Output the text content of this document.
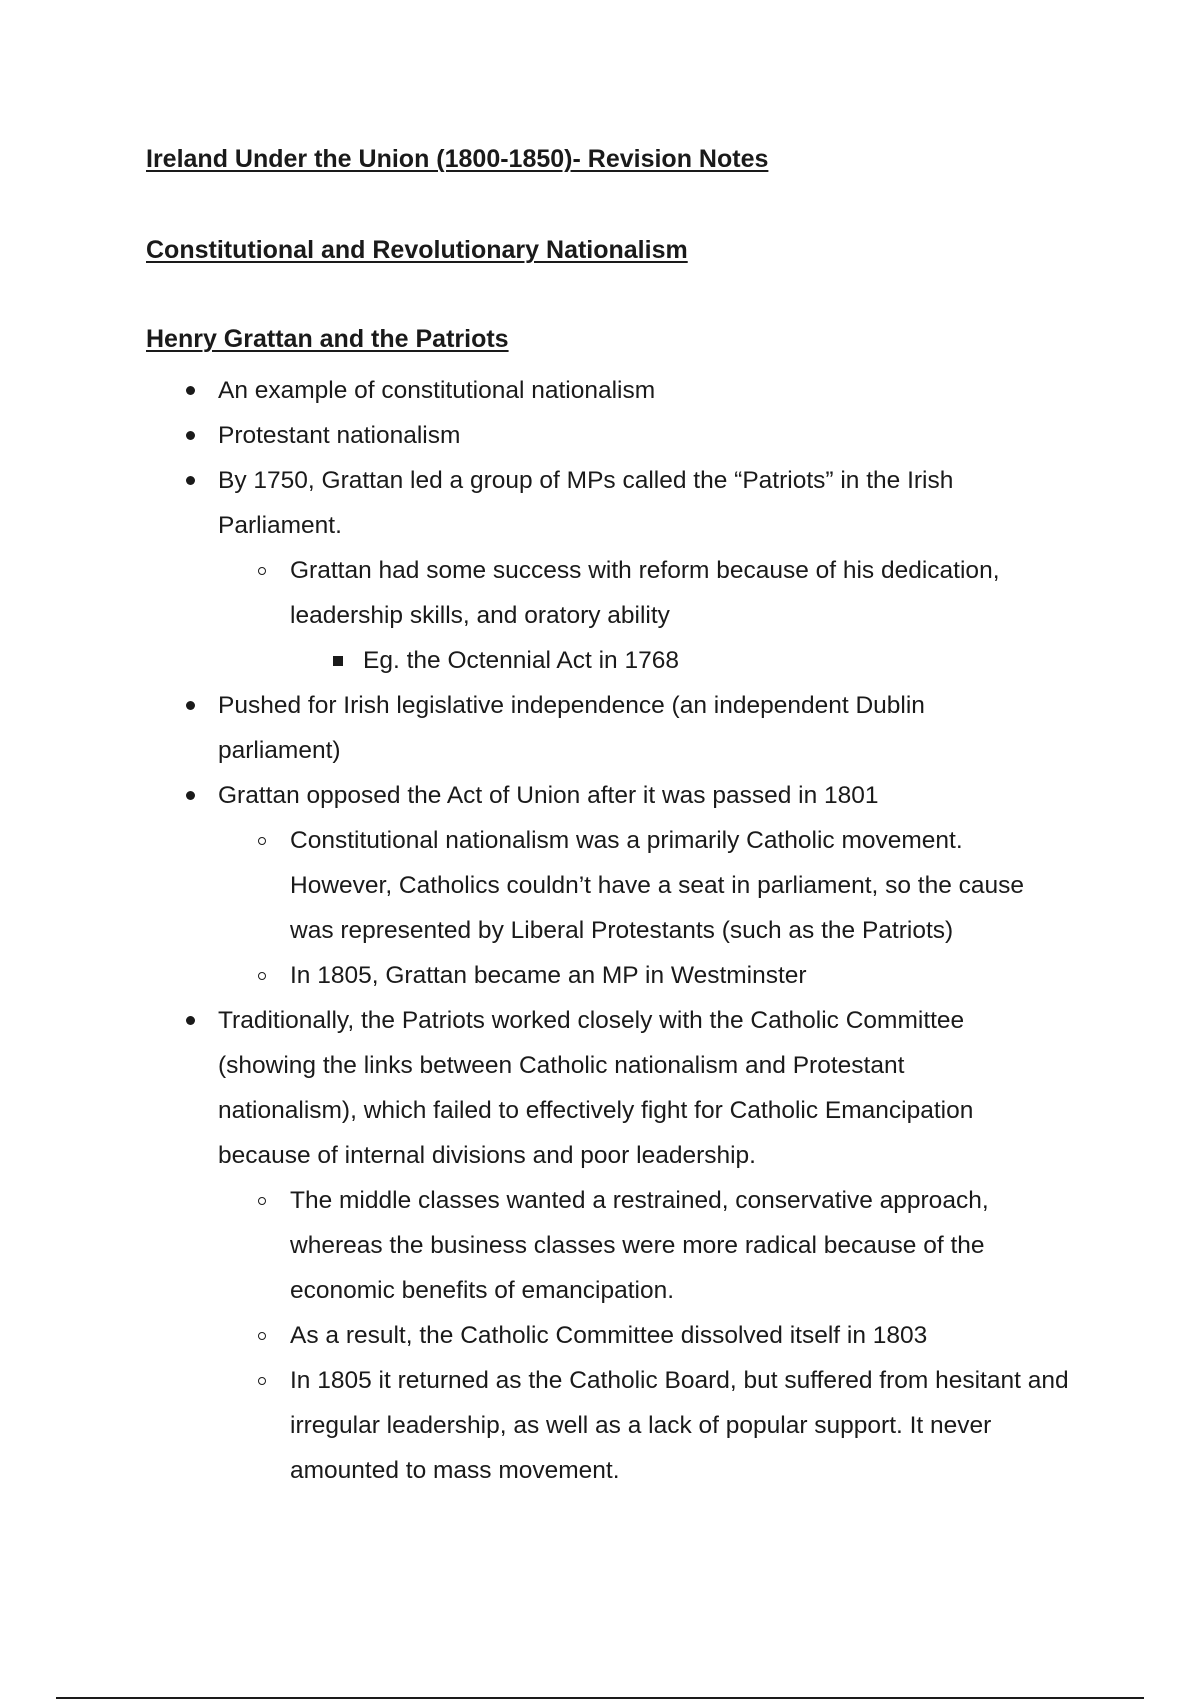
Ireland Under the Union (1800-1850)- Revision Notes
Constitutional and Revolutionary Nationalism
Henry Grattan and the Patriots
An example of constitutional nationalism
Protestant nationalism
By 1750, Grattan led a group of MPs called the “Patriots” in the Irish Parliament.
Grattan had some success with reform because of his dedication, leadership skills, and oratory ability
Eg. the Octennial Act in 1768
Pushed for Irish legislative independence (an independent Dublin parliament)
Grattan opposed the Act of Union after it was passed in 1801
Constitutional nationalism was a primarily Catholic movement. However, Catholics couldn’t have a seat in parliament, so the cause was represented by Liberal Protestants (such as the Patriots)
In 1805, Grattan became an MP in Westminster
Traditionally, the Patriots worked closely with the Catholic Committee (showing the links between Catholic nationalism and Protestant nationalism), which failed to effectively fight for Catholic Emancipation because of internal divisions and poor leadership.
The middle classes wanted a restrained, conservative approach, whereas the business classes were more radical because of the economic benefits of emancipation.
As a result, the Catholic Committee dissolved itself in 1803
In 1805 it returned as the Catholic Board, but suffered from hesitant and irregular leadership, as well as a lack of popular support. It never amounted to mass movement.
